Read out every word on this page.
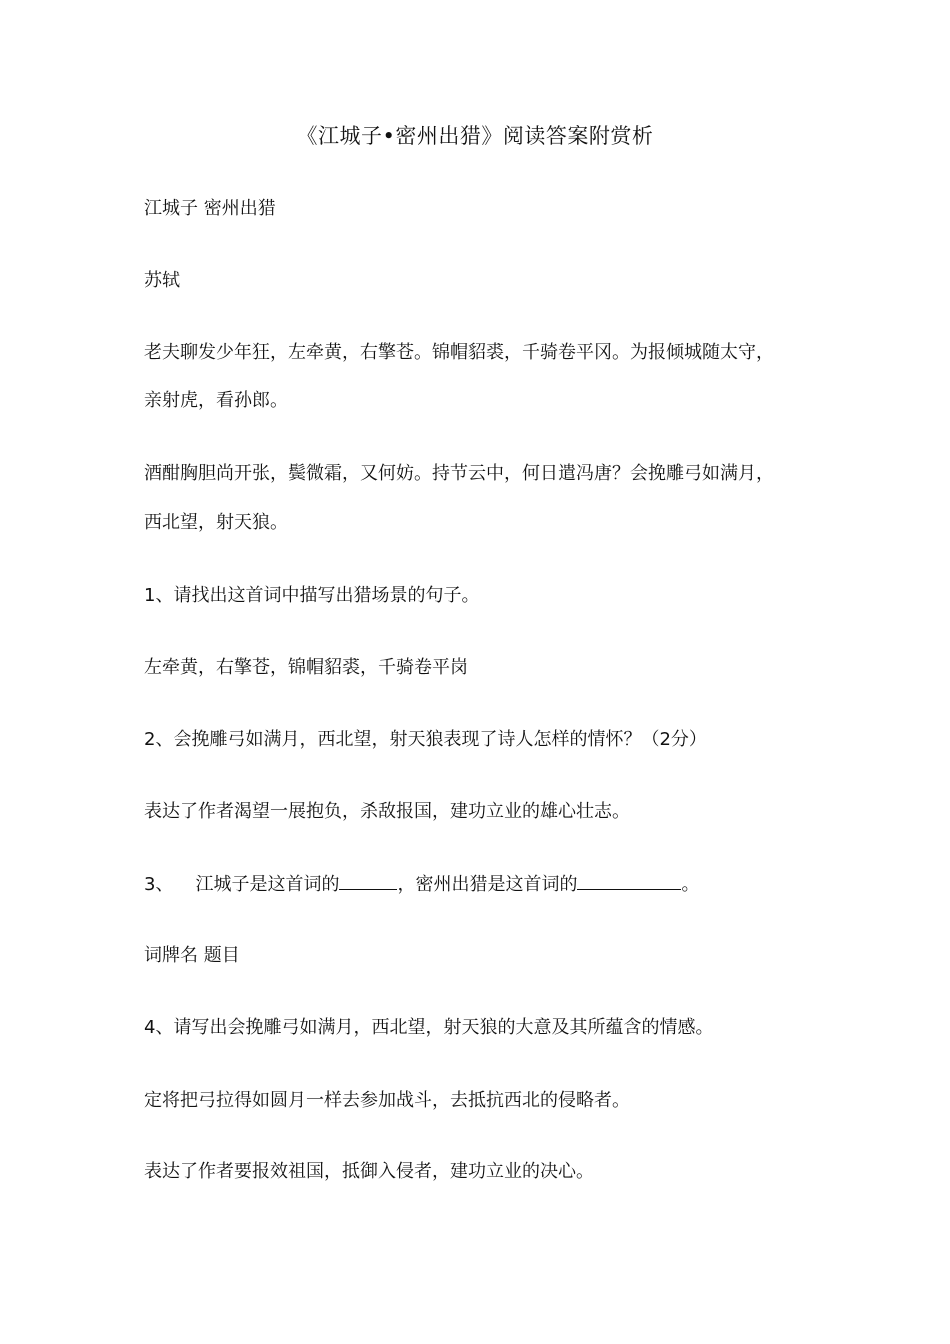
《江城子•密州出猎》阅读答案附赏析
江城子 密州出猎
苏轼
老夫聊发少年狂，左牵黄，右擎苍。锦帽貂裘，千骑卷平冈。为报倾城随太守，
亲射虎，看孙郎。
酒酣胸胆尚开张，鬓微霜，又何妨。持节云中，何日遣冯唐？会挽雕弓如满月，
西北望，射天狼。
1、请找出这首词中描写出猎场景的句子。
左牵黄，右擎苍，锦帽貂裘，千骑卷平岗
2、会挽雕弓如满月，西北望，射天狼表现了诗人怎样的情怀？（2分）
表达了作者渴望一展抱负，杀敌报国，建功立业的雄心壮志。
3、 江城子是这首词的	，密州出猎是这首词的	。
词牌名 题目
4、请写出会挽雕弓如满月，西北望，射天狼的大意及其所蕴含的情感。
定将把弓拉得如圆月一样去参加战斗，去抵抗西北的侵略者。
表达了作者要报效祖国，抵御入侵者，建功立业的决心。
